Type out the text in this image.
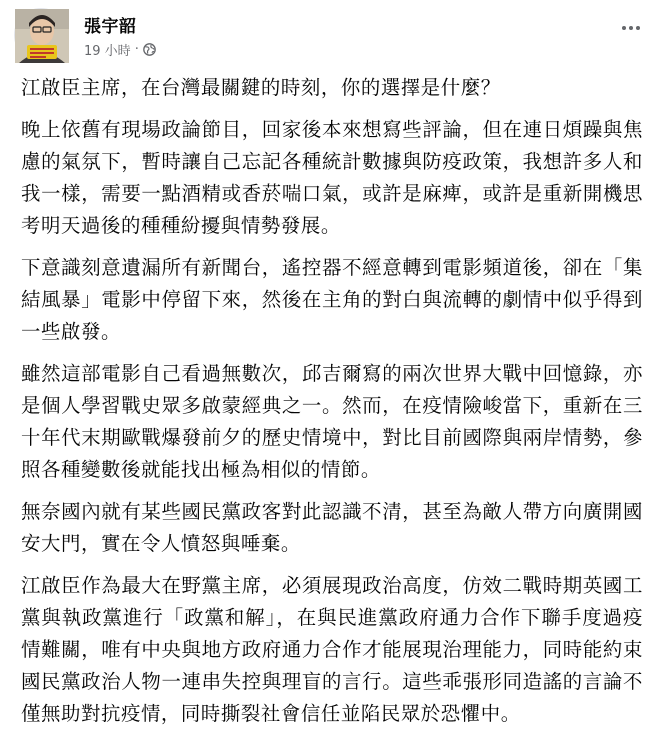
張宇韶
19 小時 ·

江啟臣主席，在台灣最關鍵的時刻，你的選擇是什麼？

晚上依舊有現場政論節目，回家後本來想寫些評論，但在連日煩躁與焦慮的氣氛下，暫時讓自己忘記各種統計數據與防疫政策，我想許多人和我一樣，需要一點酒精或香菸喘口氣，或許是麻痺，或許是重新開機思考明天過後的種種紛擾與情勢發展。

下意識刻意遺漏所有新聞台，遙控器不經意轉到電影頻道後，卻在「集結風暴」電影中停留下來，然後在主角的對白與流轉的劇情中似乎得到一些啟發。

雖然這部電影自己看過無數次，邱吉爾寫的兩次世界大戰中回憶錄，亦是個人學習戰史眾多啟蒙經典之一。然而，在疫情險峻當下，重新在三十年代末期歐戰爆發前夕的歷史情境中，對比目前國際與兩岸情勢，參照各種變數後就能找出極為相似的情節。

無奈國內就有某些國民黨政客對此認識不清，甚至為敵人帶方向廣開國安大門，實在令人憤怒與唾棄。

江啟臣作為最大在野黨主席，必須展現政治高度，仿效二戰時期英國工黨與執政黨進行「政黨和解」，在與民進黨政府通力合作下聯手度過疫情難關，唯有中央與地方政府通力合作才能展現治理能力，同時能約束國民黨政治人物一連串失控與理盲的言行。這些乖張形同造謠的言論不僅無助對抗疫情，同時撕裂社會信任並陷民眾於恐懼中。
